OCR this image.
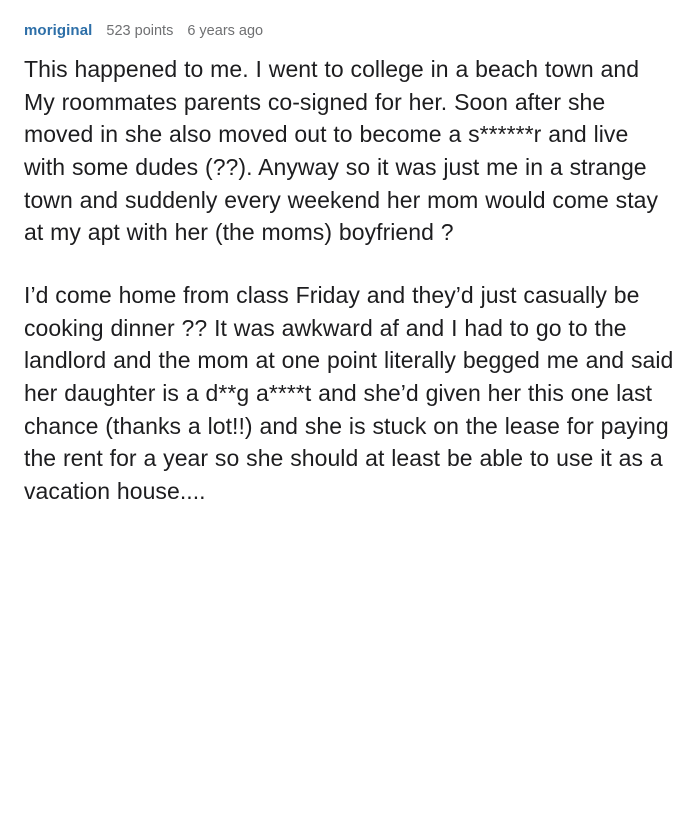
moriginal 523 points 6 years ago

This happened to me. I went to college in a beach town and My roommates parents co-signed for her. Soon after she moved in she also moved out to become a s******r and live with some dudes (??). Anyway so it was just me in a strange town and suddenly every weekend her mom would come stay at my apt with her (the moms) boyfriend ?

I’d come home from class Friday and they’d just casually be cooking dinner ?? It was awkward af and I had to go to the landlord and the mom at one point literally begged me and said her daughter is a d**g a****t and she’d given her this one last chance (thanks a lot!!) and she is stuck on the lease for paying the rent for a year so she should at least be able to use it as a vacation house....
